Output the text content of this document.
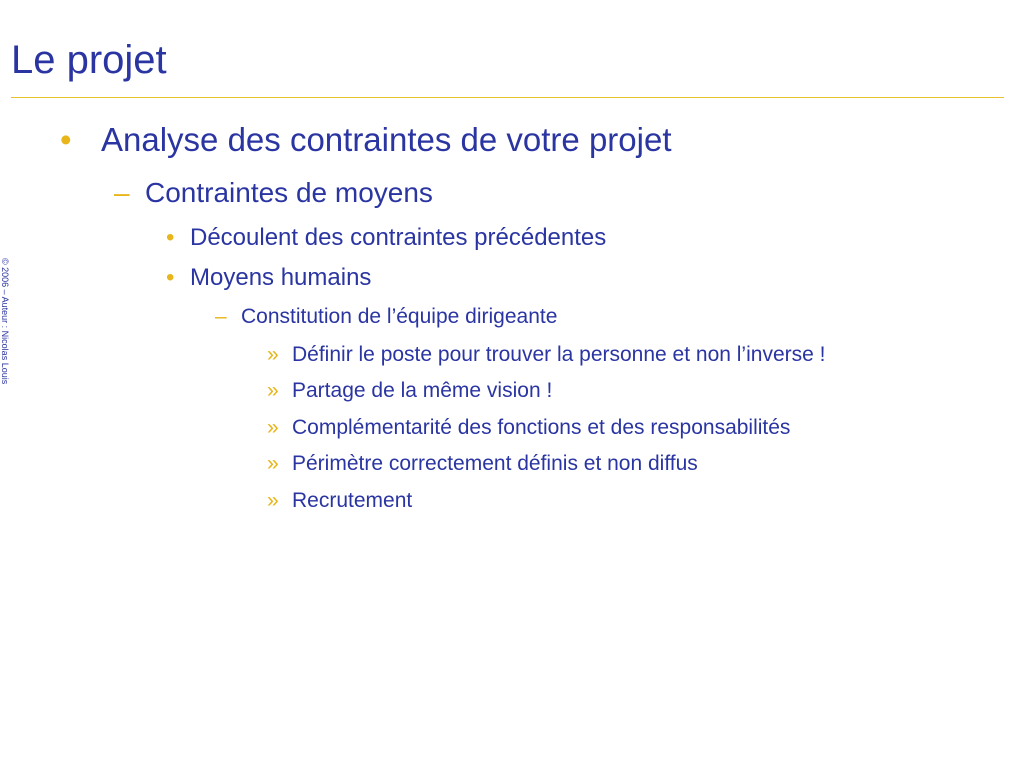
Le projet
© 2006 – Auteur : Nicolas Louis
• Analyse des contraintes de votre projet
– Contraintes de moyens
• Découlent des contraintes précédentes
• Moyens humains
– Constitution de l’équipe dirigeante
» Définir le poste pour trouver la personne et non l’inverse !
» Partage de la même vision !
» Complémentarité des fonctions et des responsabilités
» Périmètre correctement définis et non diffus
» Recrutement
